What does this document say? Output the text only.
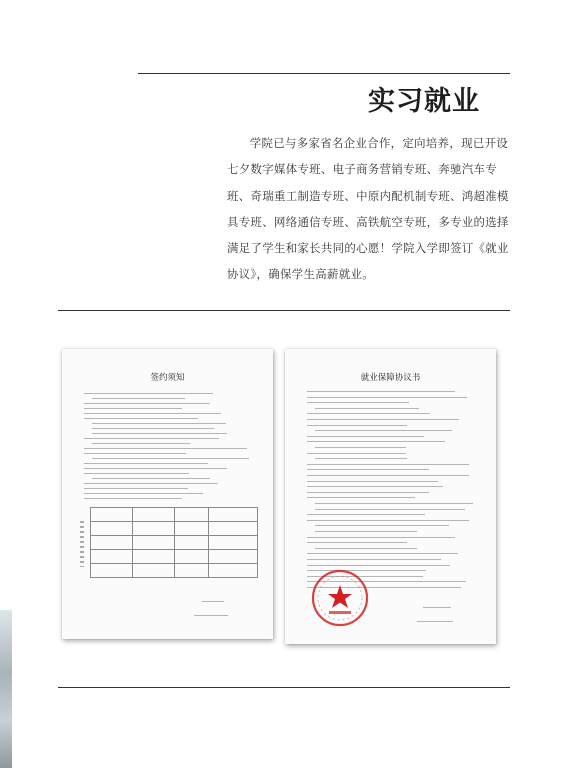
实习就业

学院已与多家省名企业合作，定向培养，现已开设七夕数字媒体专班、电子商务营销专班、奔驰汽车专班、奇瑞重工制造专班、中原内配机制专班、鸿超准模具专班、网络通信专班、高铁航空专班，多专业的选择满足了学生和家长共同的心愿！学院入学即签订《就业协议》，确保学生高薪就业。

签约须知	就业保障协议书
